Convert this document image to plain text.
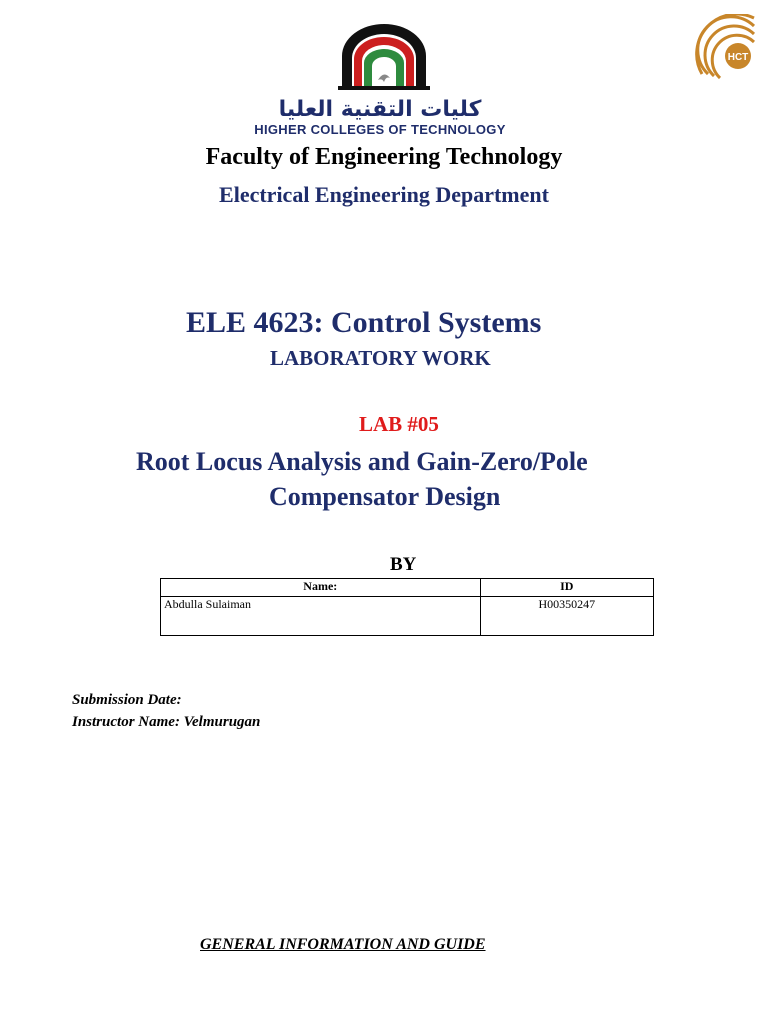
كليات التقنية العليا
HIGHER COLLEGES OF TECHNOLOGY
HCT
Faculty of Engineering Technology
Electrical Engineering Department
ELE 4623: Control Systems
LABORATORY WORK
LAB #05
Root Locus Analysis and Gain-Zero/Pole
Compensator Design
BY
Name:	ID
Abdulla Sulaiman	H00350247
Submission Date:
Instructor Name: Velmurugan
GENERAL INFORMATION AND GUIDE
